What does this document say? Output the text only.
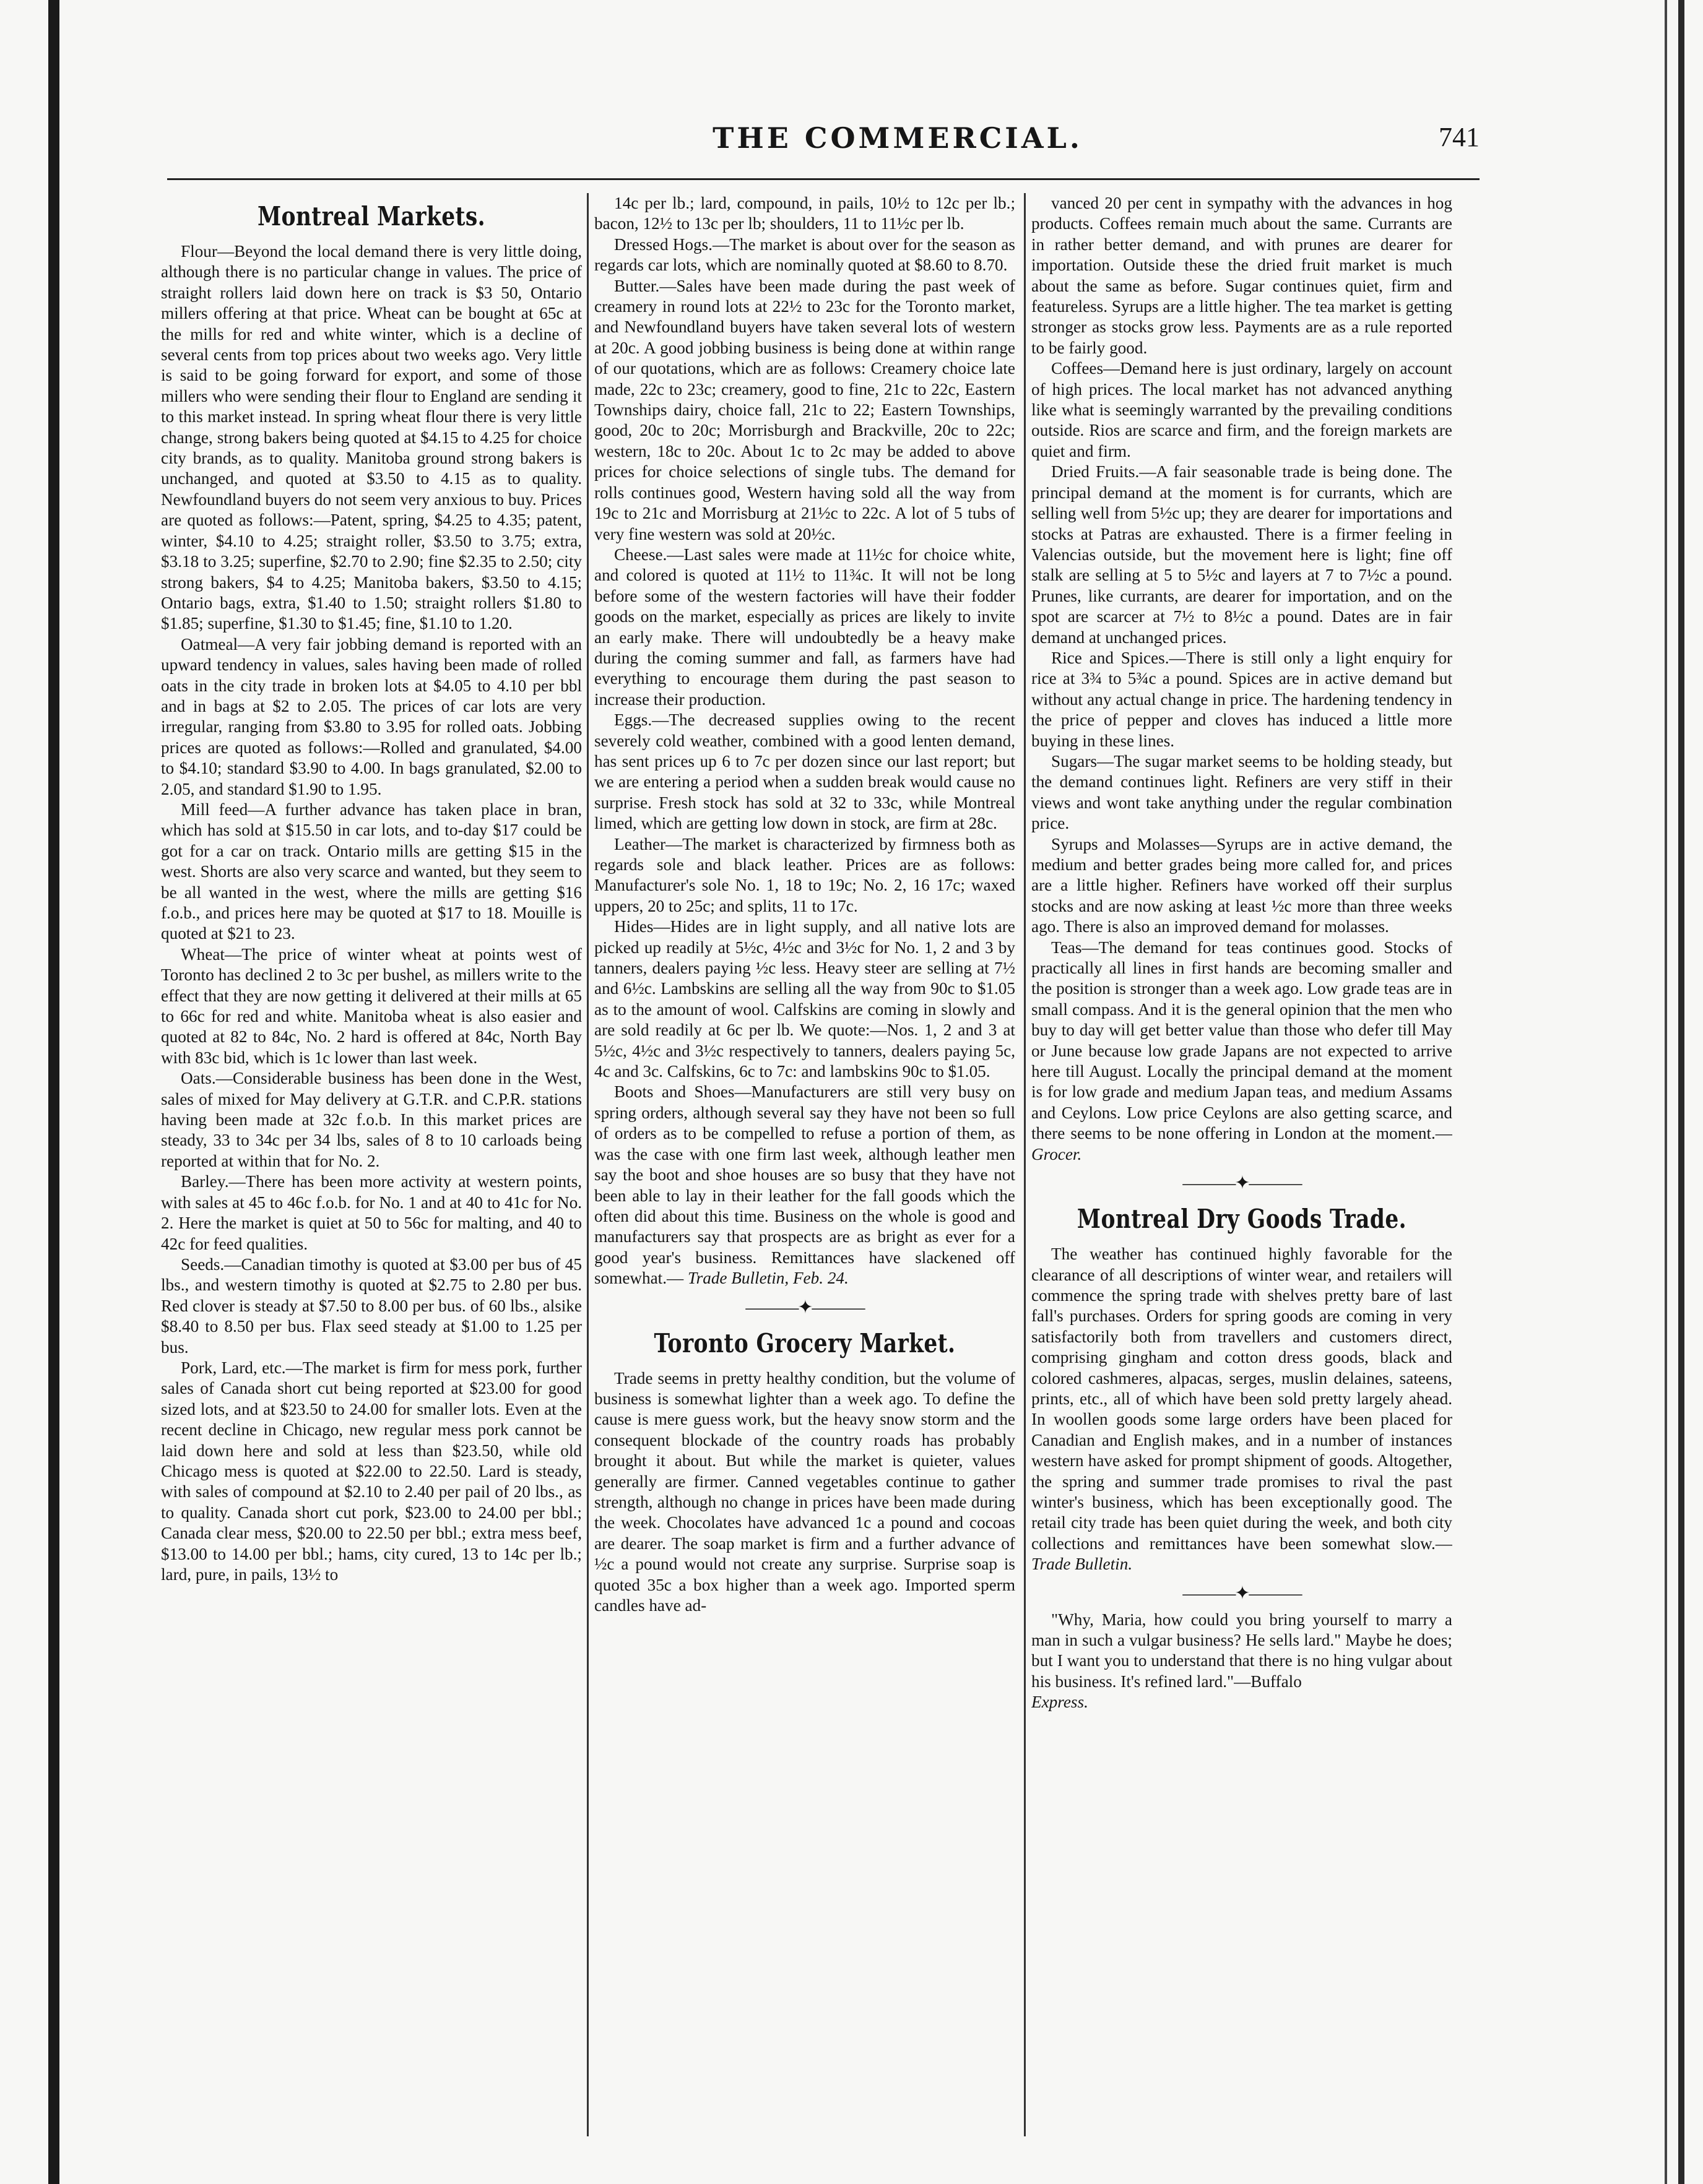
THE COMMERCIAL.	741
Montreal Markets.

Flour—Beyond the local demand there is very little doing, although there is no particular change in values. The price of straight rollers laid down here on track is $3 50, Ontario millers offering at that price. Wheat can be bought at 65c at the mills for red and white winter, which is a decline of several cents from top prices about two weeks ago. Very little is said to be going forward for export, and some of those millers who were sending their flour to England are sending it to this market instead. In spring wheat flour there is very little change, strong bakers being quoted at $4.15 to 4.25 for choice city brands, as to quality. Manitoba ground strong bakers is unchanged, and quoted at $3.50 to 4.15 as to quality. Newfoundland buyers do not seem very anxious to buy. Prices are quoted as follows:—Patent, spring, $4.25 to 4.35; patent, winter, $4.10 to 4.25; straight roller, $3.50 to 3.75; extra, $3.18 to 3.25; superfine, $2.70 to 2.90; fine $2.35 to 2.50; city strong bakers, $4 to 4.25; Manitoba bakers, $3.50 to 4.15; Ontario bags, extra, $1.40 to 1.50; straight rollers $1.80 to $1.85; superfine, $1.30 to $1.45; fine, $1.10 to 1.20.

Oatmeal—A very fair jobbing demand is reported with an upward tendency in values, sales having been made of rolled oats in the city trade in broken lots at $4.05 to 4.10 per bbl and in bags at $2 to 2.05. The prices of car lots are very irregular, ranging from $3.80 to 3.95 for rolled oats. Jobbing prices are quoted as follows:—Rolled and granulated, $4.00 to $4.10; standard $3.90 to 4.00. In bags granulated, $2.00 to 2.05, and standard $1.90 to 1.95.

Mill feed—A further advance has taken place in bran, which has sold at $15.50 in car lots, and to-day $17 could be got for a car on track. Ontario mills are getting $15 in the west. Shorts are also very scarce and wanted, but they seem to be all wanted in the west, where the mills are getting $16 f.o.b., and prices here may be quoted at $17 to 18. Mouille is quoted at $21 to 23.

Wheat—The price of winter wheat at points west of Toronto has declined 2 to 3c per bushel, as millers write to the effect that they are now getting it delivered at their mills at 65 to 66c for red and white. Manitoba wheat is also easier and quoted at 82 to 84c, No. 2 hard is offered at 84c, North Bay with 83c bid, which is 1c lower than last week.

Oats.—Considerable business has been done in the West, sales of mixed for May delivery at G.T.R. and C.P.R. stations having been made at 32c f.o.b. In this market prices are steady, 33 to 34c per 34 lbs, sales of 8 to 10 carloads being reported at within that for No. 2.

Barley.—There has been more activity at western points, with sales at 45 to 46c f.o.b. for No. 1 and at 40 to 41c for No. 2. Here the market is quiet at 50 to 56c for malting, and 40 to 42c for feed qualities.

Seeds.—Canadian timothy is quoted at $3.00 per bus of 45 lbs., and western timothy is quoted at $2.75 to 2.80 per bus. Red clover is steady at $7.50 to 8.00 per bus. of 60 lbs., alsike $8.40 to 8.50 per bus. Flax seed steady at $1.00 to 1.25 per bus.

Pork, Lard, etc.—The market is firm for mess pork, further sales of Canada short cut being reported at $23.00 for good sized lots, and at $23.50 to 24.00 for smaller lots. Even at the recent decline in Chicago, new regular mess pork cannot be laid down here and sold at less than $23.50, while old Chicago mess is quoted at $22.00 to 22.50. Lard is steady, with sales of compound at $2.10 to 2.40 per pail of 20 lbs., as to quality. Canada short cut pork, $23.00 to 24.00 per bbl.; Canada clear mess, $20.00 to 22.50 per bbl.; extra mess beef, $13.00 to 14.00 per bbl.; hams, city cured, 13 to 14c per lb.; lard, pure, in pails, 13½ to

14c per lb.; lard, compound, in pails, 10½ to 12c per lb.; bacon, 12½ to 13c per lb; shoulders, 11 to 11½c per lb.

Dressed Hogs.—The market is about over for the season as regards car lots, which are nominally quoted at $8.60 to 8.70.

Butter.—Sales have been made during the past week of creamery in round lots at 22½ to 23c for the Toronto market, and Newfoundland buyers have taken several lots of western at 20c. A good jobbing business is being done at within range of our quotations, which are as follows: Creamery choice late made, 22c to 23c; creamery, good to fine, 21c to 22c, Eastern Townships dairy, choice fall, 21c to 22; Eastern Townships, good, 20c to 20c; Morrisburgh and Brackville, 20c to 22c; western, 18c to 20c. About 1c to 2c may be added to above prices for choice selections of single tubs. The demand for rolls continues good, Western having sold all the way from 19c to 21c and Morrisburg at 21½c to 22c. A lot of 5 tubs of very fine western was sold at 20½c.

Cheese.—Last sales were made at 11½c for choice white, and colored is quoted at 11½ to 11¾c. It will not be long before some of the western factories will have their fodder goods on the market, especially as prices are likely to invite an early make. There will undoubtedly be a heavy make during the coming summer and fall, as farmers have had everything to encourage them during the past season to increase their production.

Eggs.—The decreased supplies owing to the recent severely cold weather, combined with a good lenten demand, has sent prices up 6 to 7c per dozen since our last report; but we are entering a period when a sudden break would cause no surprise. Fresh stock has sold at 32 to 33c, while Montreal limed, which are getting low down in stock, are firm at 28c.

Leather—The market is characterized by firmness both as regards sole and black leather. Prices are as follows: Manufacturer's sole No. 1, 18 to 19c; No. 2, 16 17c; waxed uppers, 20 to 25c; and splits, 11 to 17c.

Hides—Hides are in light supply, and all native lots are picked up readily at 5½c, 4½c and 3½c for No. 1, 2 and 3 by tanners, dealers paying ½c less. Heavy steer are selling at 7½ and 6½c. Lambskins are selling all the way from 90c to $1.05 as to the amount of wool. Calfskins are coming in slowly and are sold readily at 6c per lb. We quote:—Nos. 1, 2 and 3 at 5½c, 4½c and 3½c respectively to tanners, dealers paying 5c, 4c and 3c. Calfskins, 6c to 7c: and lambskins 90c to $1.05.

Boots and Shoes—Manufacturers are still very busy on spring orders, although several say they have not been so full of orders as to be compelled to refuse a portion of them, as was the case with one firm last week, although leather men say the boot and shoe houses are so busy that they have not been able to lay in their leather for the fall goods which the often did about this time. Business on the whole is good and manufacturers say that prospects are as bright as ever for a good year's business. Remittances have slackened off somewhat.— Trade Bulletin, Feb. 24.

———✦———
Toronto Grocery Market.

Trade seems in pretty healthy condition, but the volume of business is somewhat lighter than a week ago. To define the cause is mere guess work, but the heavy snow storm and the consequent blockade of the country roads has probably brought it about. But while the market is quieter, values generally are firmer. Canned vegetables continue to gather strength, although no change in prices have been made during the week. Chocolates have advanced 1c a pound and cocoas are dearer. The soap market is firm and a further advance of ½c a pound would not create any surprise. Surprise soap is quoted 35c a box higher than a week ago. Imported sperm candles have ad-

vanced 20 per cent in sympathy with the advances in hog products. Coffees remain much about the same. Currants are in rather better demand, and with prunes are dearer for importation. Outside these the dried fruit market is much about the same as before. Sugar continues quiet, firm and featureless. Syrups are a little higher. The tea market is getting stronger as stocks grow less. Payments are as a rule reported to be fairly good.

Coffees—Demand here is just ordinary, largely on account of high prices. The local market has not advanced anything like what is seemingly warranted by the prevailing conditions outside. Rios are scarce and firm, and the foreign markets are quiet and firm.

Dried Fruits.—A fair seasonable trade is being done. The principal demand at the moment is for currants, which are selling well from 5½c up; they are dearer for importations and stocks at Patras are exhausted. There is a firmer feeling in Valencias outside, but the movement here is light; fine off stalk are selling at 5 to 5½c and layers at 7 to 7½c a pound. Prunes, like currants, are dearer for importation, and on the spot are scarcer at 7½ to 8½c a pound. Dates are in fair demand at unchanged prices.

Rice and Spices.—There is still only a light enquiry for rice at 3¾ to 5¾c a pound. Spices are in active demand but without any actual change in price. The hardening tendency in the price of pepper and cloves has induced a little more buying in these lines.

Sugars—The sugar market seems to be holding steady, but the demand continues light. Refiners are very stiff in their views and wont take anything under the regular combination price.

Syrups and Molasses—Syrups are in active demand, the medium and better grades being more called for, and prices are a little higher. Refiners have worked off their surplus stocks and are now asking at least ½c more than three weeks ago. There is also an improved demand for molasses.

Teas—The demand for teas continues good. Stocks of practically all lines in first hands are becoming smaller and the position is stronger than a week ago. Low grade teas are in small compass. And it is the general opinion that the men who buy to day will get better value than those who defer till May or June because low grade Japans are not expected to arrive here till August. Locally the principal demand at the moment is for low grade and medium Japan teas, and medium Assams and Ceylons. Low price Ceylons are also getting scarce, and there seems to be none offering in London at the moment.—Grocer.

———✦———
Montreal Dry Goods Trade.

The weather has continued highly favorable for the clearance of all descriptions of winter wear, and retailers will commence the spring trade with shelves pretty bare of last fall's purchases. Orders for spring goods are coming in very satisfactorily both from travellers and customers direct, comprising gingham and cotton dress goods, black and colored cashmeres, alpacas, serges, muslin delaines, sateens, prints, etc., all of which have been sold pretty largely ahead. In woollen goods some large orders have been placed for Canadian and English makes, and in a number of instances western have asked for prompt shipment of goods. Altogether, the spring and summer trade promises to rival the past winter's business, which has been exceptionally good. The retail city trade has been quiet during the week, and both city collections and remittances have been somewhat slow.—Trade Bulletin.

———✦———

"Why, Maria, how could you bring yourself to marry a man in such a vulgar business? He sells lard." Maybe he does; but I want you to understand that there is no hing vulgar about his business. It's refined lard."—Buffalo
Express.
